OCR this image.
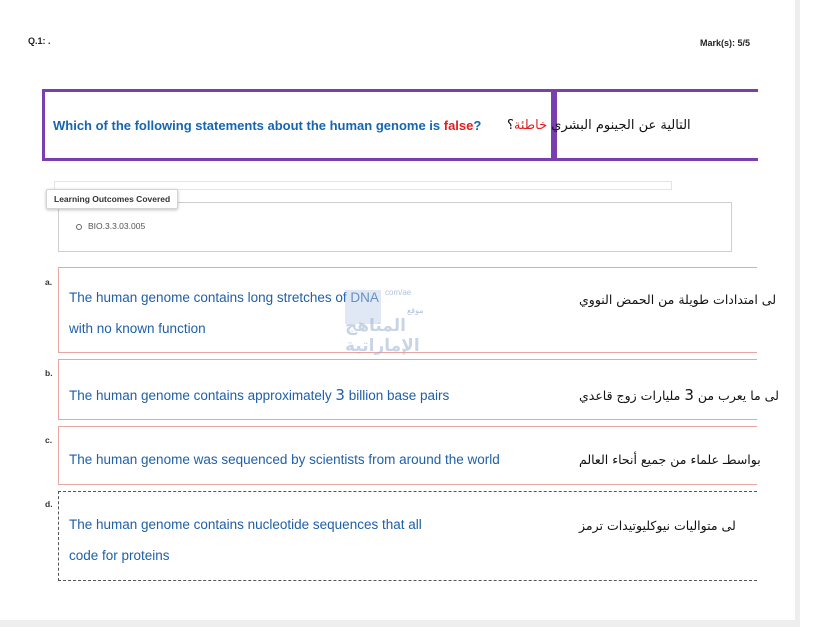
Q.1: .	Mark(s): 5/5
Which of the following statements about the human genome is false?	التالية عن الجينوم البشري خاطئة؟
Learning Outcomes Covered
BIO.3.3.03.005
a.
The human genome contains long stretches of DNA
with no known function
لى امتدادات طويلة من الحمض النووي
b.
The human genome contains approximately 3 billion base pairs	لى ما يعرب من 3 مليارات زوج قاعدي
c.
The human genome was sequenced by scientists from around the world	بواسطـ علماء من جميع أنحاء العالم
d.
The human genome contains nucleotide sequences that all
code for proteins
لى متواليات نيوكليوتيدات ترمز
com/ae
موقع
المناهج الإماراتية
